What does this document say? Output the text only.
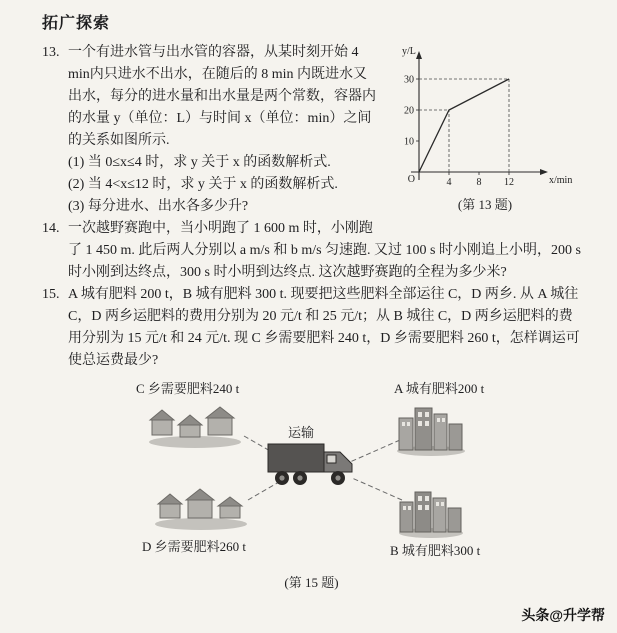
拓广探索
y/L
x/min
O	4	8 12
10
20
30
(第 13 题)
13. 一个有进水管与出水管的容器，从某时刻开始 4 min内只进水不出水，在随后的 8 min 内既进水又出水，每分的进水量和出水量是两个常数，容器内的水量 y（单位：L）与时间 x（单位：min）之间的关系如图所示.
(1) 当 0≤x≤4 时，求 y 关于 x 的函数解析式.
(2) 当 4<x≤12 时，求 y 关于 x 的函数解析式.
(3) 每分进水、出水各多少升?
14. 一次越野赛跑中，当小明跑了 1 600 m 时，小刚跑了 1 450 m. 此后两人分别以 a m/s 和 b m/s 匀速跑. 又过 100 s 时小刚追上小明，200 s 时小刚到达终点，300 s 时小明到达终点. 这次越野赛跑的全程为多少米?
15. A 城有肥料 200 t，B 城有肥料 300 t. 现要把这些肥料全部运往 C，D 两乡. 从 A 城往 C，D 两乡运肥料的费用分别为 20 元/t 和 25 元/t；从 B 城往 C，D 两乡运肥料的费用分别为 15 元/t 和 24 元/t. 现 C 乡需要肥料 240 t，D 乡需要肥料 260 t，怎样调运可使总运费最少?
C 乡需要肥料240 t	A 城有肥料200 t
运输
D 乡需要肥料260 t	B 城有肥料300 t
(第 15 题)
头条@升学帮
